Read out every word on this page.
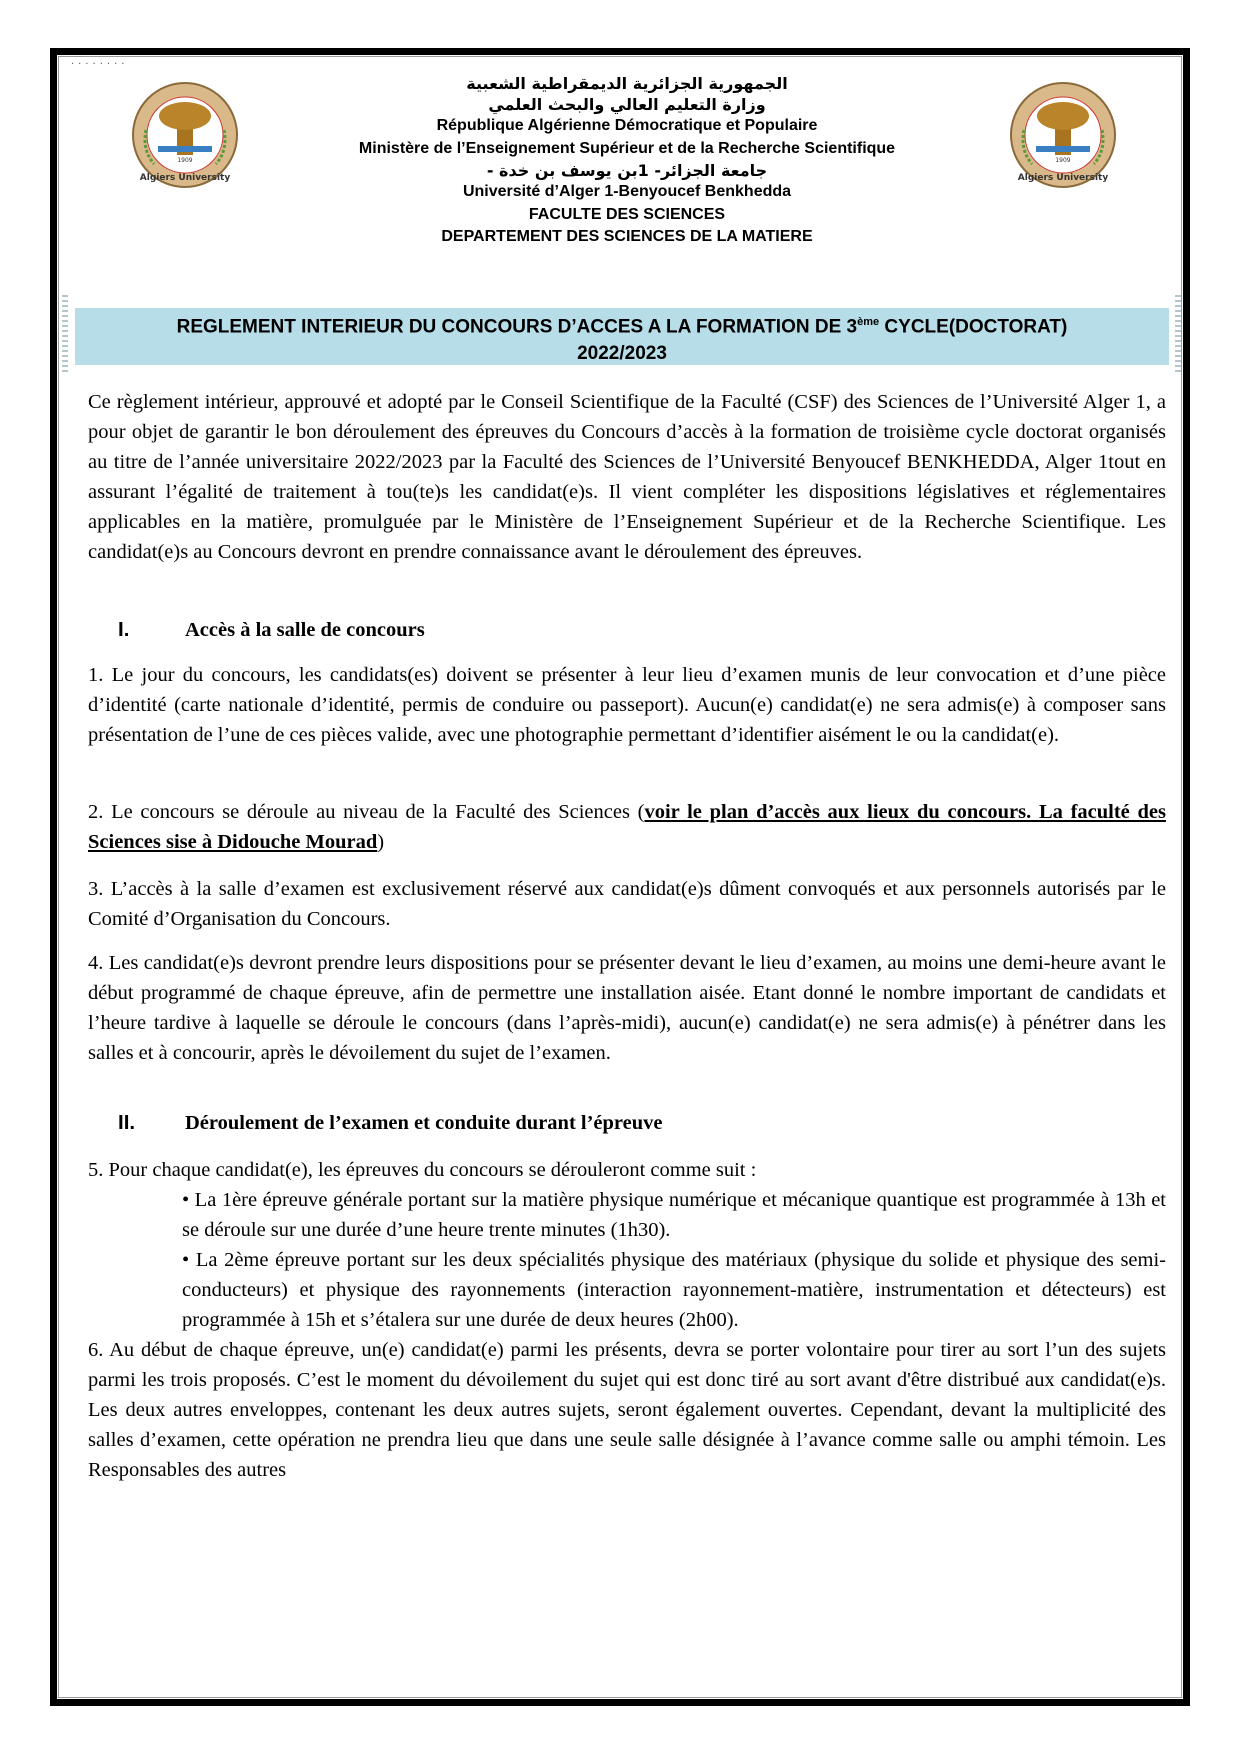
········
1909
Algiers University
1909
Algiers University
الجمهورية الجزائرية الديمقراطية الشعبية
وزارة التعليم العالي والبحث العلمي
République Algérienne Démocratique et Populaire
Ministère de l’Enseignement Supérieur et de la Recherche Scientifique
جامعة الجزائر- 1بن يوسف بن خدة -
Université d’Alger 1-Benyoucef Benkhedda
FACULTE DES SCIENCES
DEPARTEMENT DES SCIENCES DE LA MATIERE
REGLEMENT INTERIEUR DU CONCOURS D’ACCES A LA FORMATION DE 3ème CYCLE(DOCTORAT)
2022/2023

Ce règlement intérieur, approuvé et adopté par le Conseil Scientifique de la Faculté (CSF) des Sciences de l’Université Alger 1, a pour objet de garantir le bon déroulement des épreuves du Concours d’accès à la formation de troisième cycle doctorat organisés au titre de l’année universitaire 2022/2023 par la Faculté des Sciences de l’Université Benyoucef BENKHEDDA, Alger 1tout en assurant l’égalité de traitement à tou(te)s les candidat(e)s. Il vient compléter les dispositions législatives et réglementaires applicables en la matière, promulguée par le Ministère de l’Enseignement Supérieur et de la Recherche Scientifique. Les candidat(e)s au Concours devront en prendre connaissance avant le déroulement des épreuves.

I.	Accès à la salle de concours

1. Le jour du concours, les candidats(es) doivent se présenter à leur lieu d’examen munis de leur convocation et d’une pièce d’identité (carte nationale d’identité, permis de conduire ou passeport). Aucun(e) candidat(e) ne sera admis(e) à composer sans présentation de l’une de ces pièces valide, avec une photographie permettant d’identifier aisément le ou la candidat(e).

2. Le concours se déroule au niveau de la Faculté des Sciences (voir le plan d’accès aux lieux du concours. La faculté des Sciences sise à Didouche Mourad)

3. L’accès à la salle d’examen est exclusivement réservé aux candidat(e)s dûment convoqués et aux personnels autorisés par le Comité d’Organisation du Concours.

4. Les candidat(e)s devront prendre leurs dispositions pour se présenter devant le lieu d’examen, au moins une demi-heure avant le début programmé de chaque épreuve, afin de permettre une installation aisée. Etant donné le nombre important de candidats et l’heure tardive à laquelle se déroule le concours (dans l’après-midi), aucun(e) candidat(e) ne sera admis(e) à pénétrer dans les salles et à concourir, après le dévoilement du sujet de l’examen.

II. Déroulement de l’examen et conduite durant l’épreuve

5. Pour chaque candidat(e), les épreuves du concours se dérouleront comme suit :

• La 1ère épreuve générale portant sur la matière physique numérique et mécanique quantique est programmée à 13h et se déroule sur une durée d’une heure trente minutes (1h30).

• La 2ème épreuve portant sur les deux spécialités physique des matériaux (physique du solide et physique des semi-conducteurs) et physique des rayonnements (interaction rayonnement-matière, instrumentation et détecteurs) est programmée à 15h et s’étalera sur une durée de deux heures (2h00).

6. Au début de chaque épreuve, un(e) candidat(e) parmi les présents, devra se porter volontaire pour tirer au sort l’un des sujets parmi les trois proposés. C’est le moment du dévoilement du sujet qui est donc tiré au sort avant d'être distribué aux candidat(e)s. Les deux autres enveloppes, contenant les deux autres sujets, seront également ouvertes. Cependant, devant la multiplicité des salles d’examen, cette opération ne prendra lieu que dans une seule salle désignée à l’avance comme salle ou amphi témoin. Les Responsables des autres
